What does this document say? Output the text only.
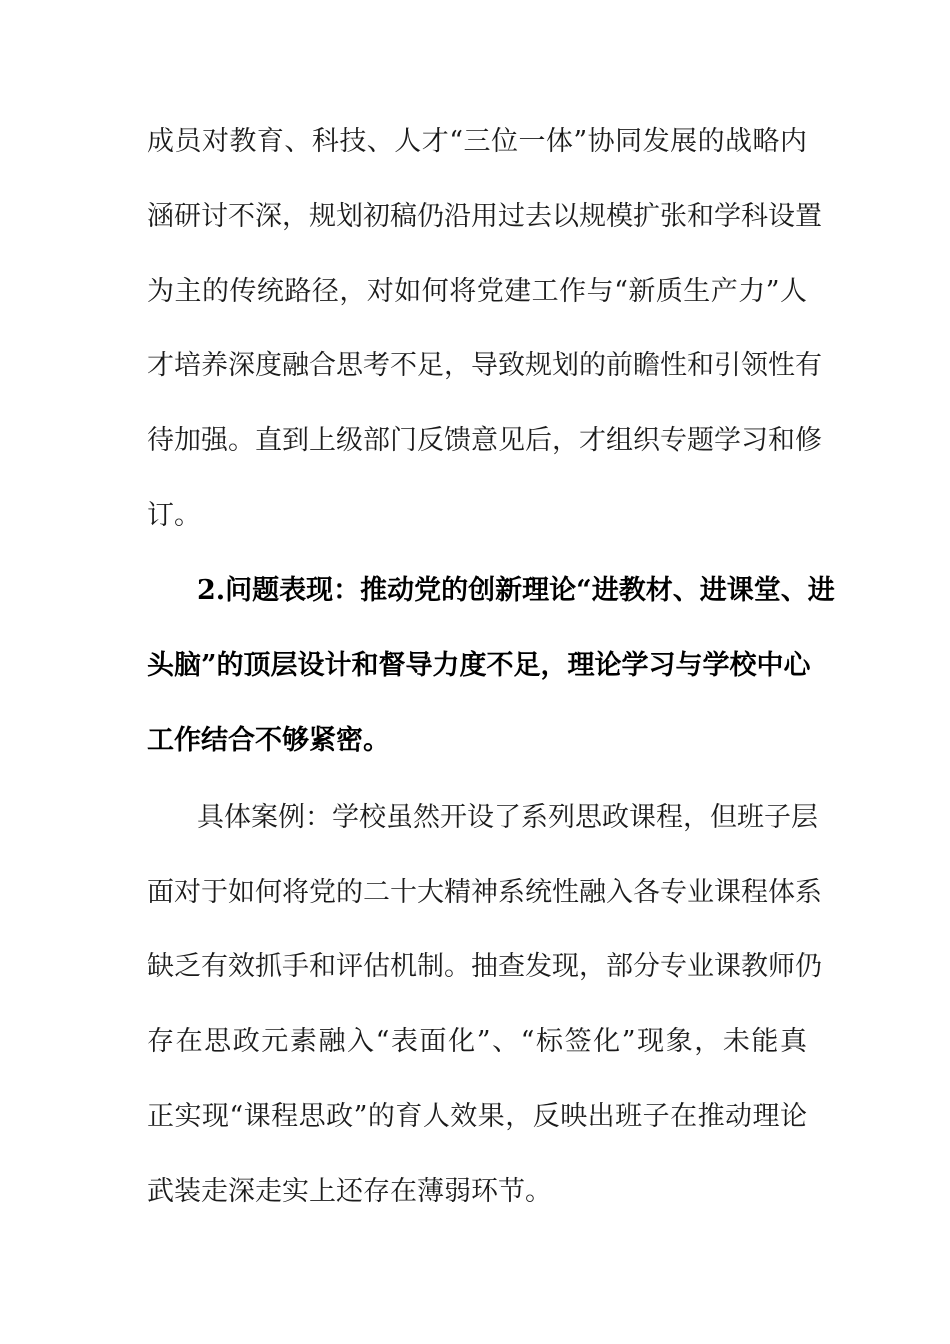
成员对教育、科技、人才“三位一体”协同发展的战略内
涵研讨不深，规划初稿仍沿用过去以规模扩张和学科设置
为主的传统路径，对如何将党建工作与“新质生产力”人
才培养深度融合思考不足，导致规划的前瞻性和引领性有
待加强。直到上级部门反馈意见后，才组织专题学习和修
订。
2.问题表现：推动党的创新理论“进教材、进课堂、进
头脑”的顶层设计和督导力度不足，理论学习与学校中心
工作结合不够紧密。
具体案例：学校虽然开设了系列思政课程，但班子层
面对于如何将党的二十大精神系统性融入各专业课程体系
缺乏有效抓手和评估机制。抽查发现，部分专业课教师仍
存在思政元素融入“表面化”、“标签化”现象，未能真
正实现“课程思政”的育人效果，反映出班子在推动理论
武装走深走实上还存在薄弱环节。
